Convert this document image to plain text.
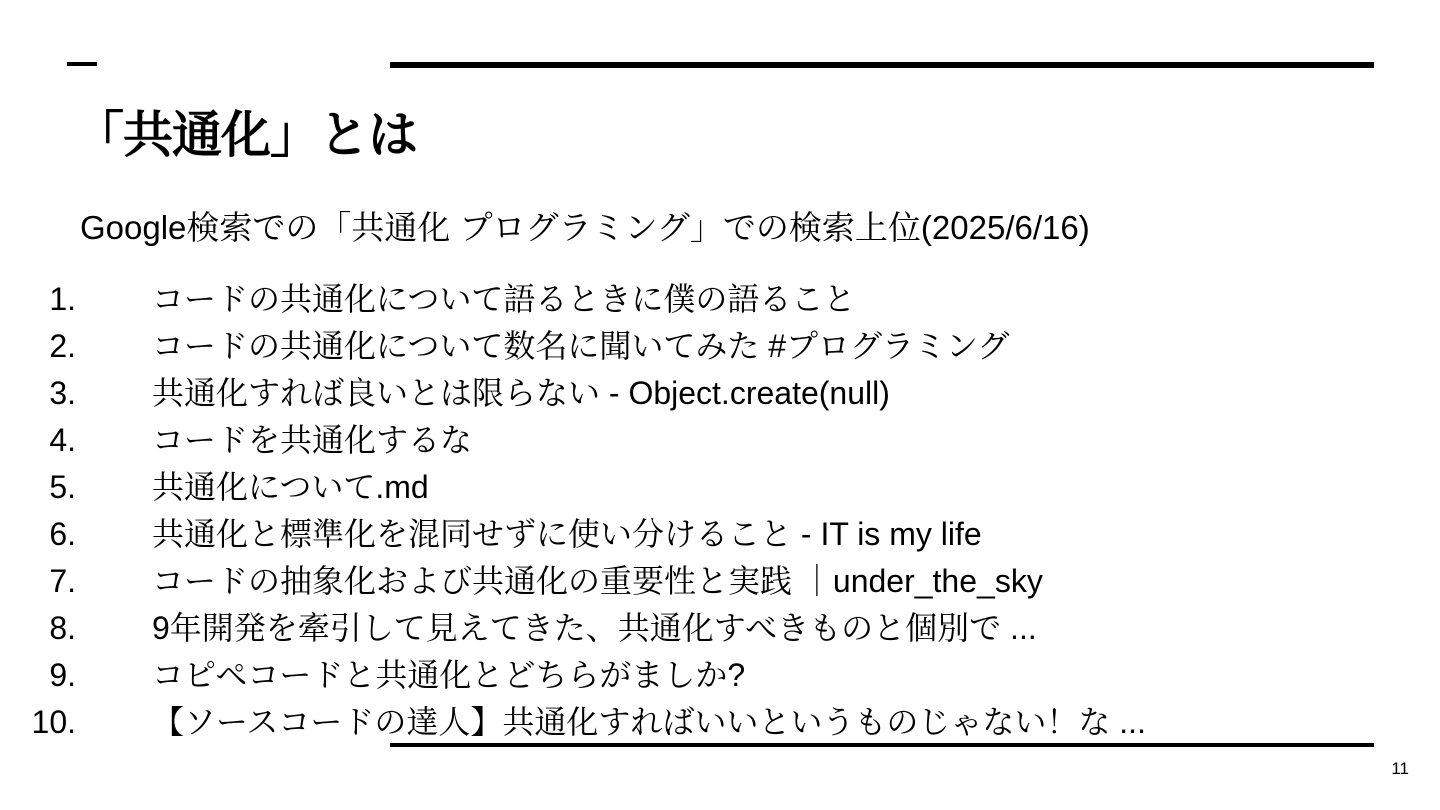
「共通化」とは
Google検索での「共通化 プログラミング」での検索上位(2025/6/16)
1. コードの共通化について語るときに僕の語ること
2. コードの共通化について数名に聞いてみた #プログラミング
3. 共通化すれば良いとは限らない - Object.create(null)
4. コードを共通化するな
5. 共通化について.md
6. 共通化と標準化を混同せずに使い分けること - IT is my life
7. コードの抽象化および共通化の重要性と実践 ｜under_the_sky
8. 9年開発を牽引して見えてきた、共通化すべきものと個別で ...
9. コピペコードと共通化とどちらがましか?
10. 【ソースコードの達人】共通化すればいいというものじゃない！な ...
11
